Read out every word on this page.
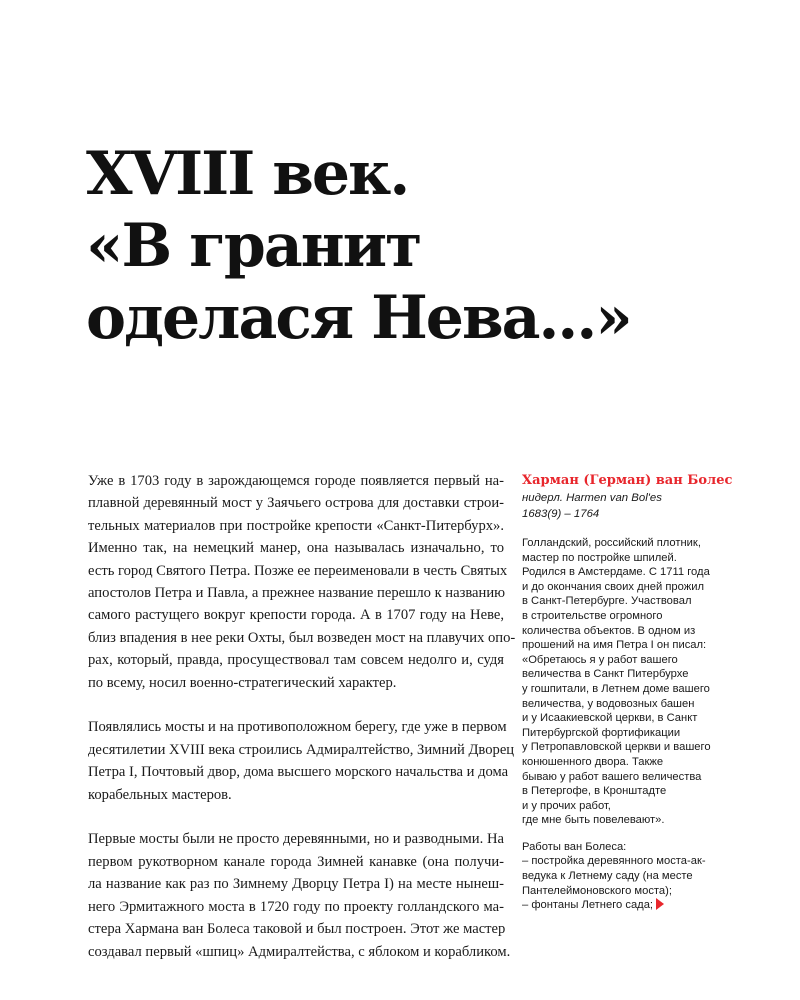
XVIII век.
«В гранит
оделася Нева...»
Уже в 1703 году в зарождающемся городе появляется первый на-
плавной деревянный мост у Заячьего острова для доставки строи-
тельных материалов при постройке крепости «Санкт-Питербурх».
Именно так, на немецкий манер, она называлась изначально, то
есть город Святого Петра. Позже ее переименовали в честь Святых
апостолов Петра и Павла, а прежнее название перешло к названию
самого растущего вокруг крепости города. А в 1707 году на Неве,
близ впадения в нее реки Охты, был возведен мост на плавучих опо-
рах, который, правда, просуществовал там совсем недолго и, судя
по всему, носил военно-стратегический характер.
Появлялись мосты и на противоположном берегу, где уже в первом
десятилетии XVIII века строились Адмиралтейство, Зимний Дворец
Петра I, Почтовый двор, дома высшего морского начальства и дома
корабельных мастеров.
Первые мосты были не просто деревянными, но и разводными. На
первом рукотворном канале города Зимней канавке (она получи-
ла название как раз по Зимнему Дворцу Петра I) на месте нынеш-
него Эрмитажного моста в 1720 году по проекту голландского ма-
стера Хармана ван Болеса таковой и был построен. Этот же мастер
создавал первый «шпиц» Адмиралтейства, с яблоком и корабликом.
Харман (Герман) ван Болес
нидерл. Harmen van Bol'es
1683(9) – 1764
Голландский, российский плотник,
мастер по постройке шпилей.
Родился в Амстердаме. С 1711 года
и до окончания своих дней прожил
в Санкт-Петербурге. Участвовал
в строительстве огромного
количества объектов. В одном из
прошений на имя Петра I он писал:
«Обретаюсь я у работ вашего
величества в Санкт Питербурхе
у гошпитали, в Летнем доме вашего
величества, у водовозных башен
и у Исаакиевской церкви, в Санкт
Питербургской фортификации
у Петропавловской церкви и вашего
конюшенного двора. Также
бываю у работ вашего величества
в Петергофе, в Кронштадте
и у прочих работ,
где мне быть повелевают».
Работы ван Болеса:
– постройка деревянного моста-ак-
ведука к Летнему саду (на месте
Пантелеймоновского моста);
– фонтаны Летнего сада;
